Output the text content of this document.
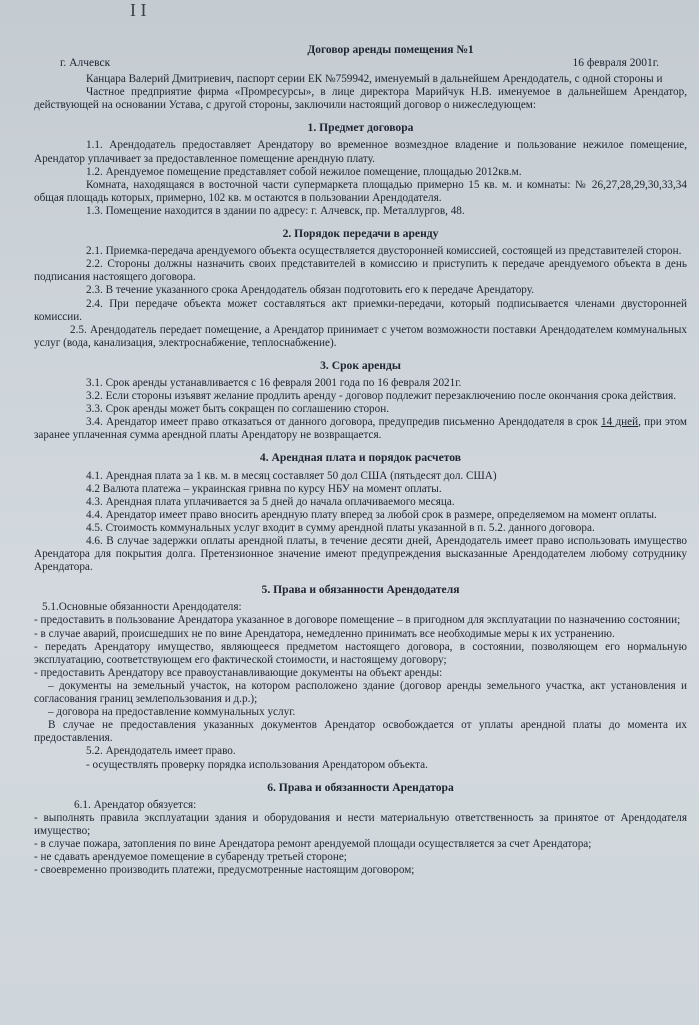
I I

Договор аренды помещения №1

г. Алчевск	16 февраля 2001г.

Канцара Валерий Дмитриевич, паспорт серии ЕК №759942, именуемый в дальнейшем Арендодатель, с одной стороны и

Частное предприятие фирма «Промресурсы», в лице директора Марийчук Н.В. именуемое в дальнейшем Арендатор, действующей на основании Устава, с другой стороны, заключили настоящий договор о нижеследующем:

1. Предмет договора

1.1. Арендодатель предоставляет Арендатору во временное возмездное владение и пользование нежилое помещение, Арендатор уплачивает за предоставленное помещение арендную плату.

1.2. Арендуемое помещение представляет собой нежилое помещение, площадью 2012кв.м.

Комната, находящаяся в восточной части супермаркета площадью примерно 15 кв. м. и комнаты: № 26,27,28,29,30,33,34 общая площадь которых, примерно, 102 кв. м остаются в пользовании Арендодателя.

1.3. Помещение находится в здании по адресу: г. Алчевск, пр. Металлургов, 48.

2. Порядок передачи в аренду

2.1. Приемка-передача арендуемого объекта осуществляется двусторонней комиссией, состоящей из представителей сторон.

2.2. Стороны должны назначить своих представителей в комиссию и приступить к передаче арендуемого объекта в день подписания настоящего договора.

2.3. В течение указанного срока Арендодатель обязан подготовить его к передаче Арендатору.

2.4. При передаче объекта может составляться акт приемки-передачи, который подписывается членами двусторонней комиссии.

2.5. Арендодатель передает помещение, а Арендатор принимает с учетом возможности поставки Арендодателем коммунальных услуг (вода, канализация, электроснабжение, теплоснабжение).

3. Срок аренды

3.1. Срок аренды устанавливается с 16 февраля 2001 года по 16 февраля 2021г.

3.2. Если стороны изъявят желание продлить аренду - договор подлежит перезаключению после окончания срока действия.

3.3. Срок аренды может быть сокращен по соглашению сторон.

3.4. Арендатор имеет право отказаться от данного договора, предупредив письменно Арендодателя в срок 14 дней, при этом заранее уплаченная сумма арендной платы Арендатору не возвращается.

4. Арендная плата и порядок расчетов

4.1. Арендная плата за 1 кв. м. в месяц составляет 50 дол США (пятьдесят дол. США)

4.2 Валюта платежа – украинская гривна по курсу НБУ на момент оплаты.

4.3. Арендная плата уплачивается за 5 дней до начала оплачиваемого месяца.

4.4. Арендатор имеет право вносить арендную плату вперед за любой срок в размере, определяемом на момент оплаты.

4.5. Стоимость коммунальных услуг входит в сумму арендной платы указанной в п. 5.2. данного договора.

4.6. В случае задержки оплаты арендной платы, в течение десяти дней, Арендодатель имеет право использовать имущество Арендатора для покрытия долга. Претензионное значение имеют предупреждения высказанные Арендодателем любому сотруднику Арендатора.

5. Права и обязанности Арендодателя

5.1.Основные обязанности Арендодателя:

- предоставить в пользование Арендатора указанное в договоре помещение – в пригодном для эксплуатации по назначению состоянии;

- в случае аварий, происшедших не по вине Арендатора, немедленно принимать все необходимые меры к их устранению.

- передать Арендатору имущество, являющееся предметом настоящего договора, в состоянии, позволяющем его нормальную эксплуатацию, соответствующем его фактической стоимости, и настоящему договору;

- предоставить Арендатору все правоустанавливающие документы на объект аренды:

– документы на земельный участок, на котором расположено здание (договор аренды земельного участка, акт установления и согласования границ землепользования и д.р.);

– договора на предоставление коммунальных услуг.

В случае не предоставления указанных документов Арендатор освобождается от уплаты арендной платы до момента их предоставления.

5.2. Арендодатель имеет право.

- осуществлять проверку порядка использования Арендатором объекта.

6. Права и обязанности Арендатора

6.1. Арендатор обязуется:

- выполнять правила эксплуатации здания и оборудования и нести материальную ответственность за принятое от Арендодателя имущество;

- в случае пожара, затопления по вине Арендатора ремонт арендуемой площади осуществляется за счет Арендатора;

- не сдавать арендуемое помещение в субаренду третьей стороне;

- своевременно производить платежи, предусмотренные настоящим договором;
